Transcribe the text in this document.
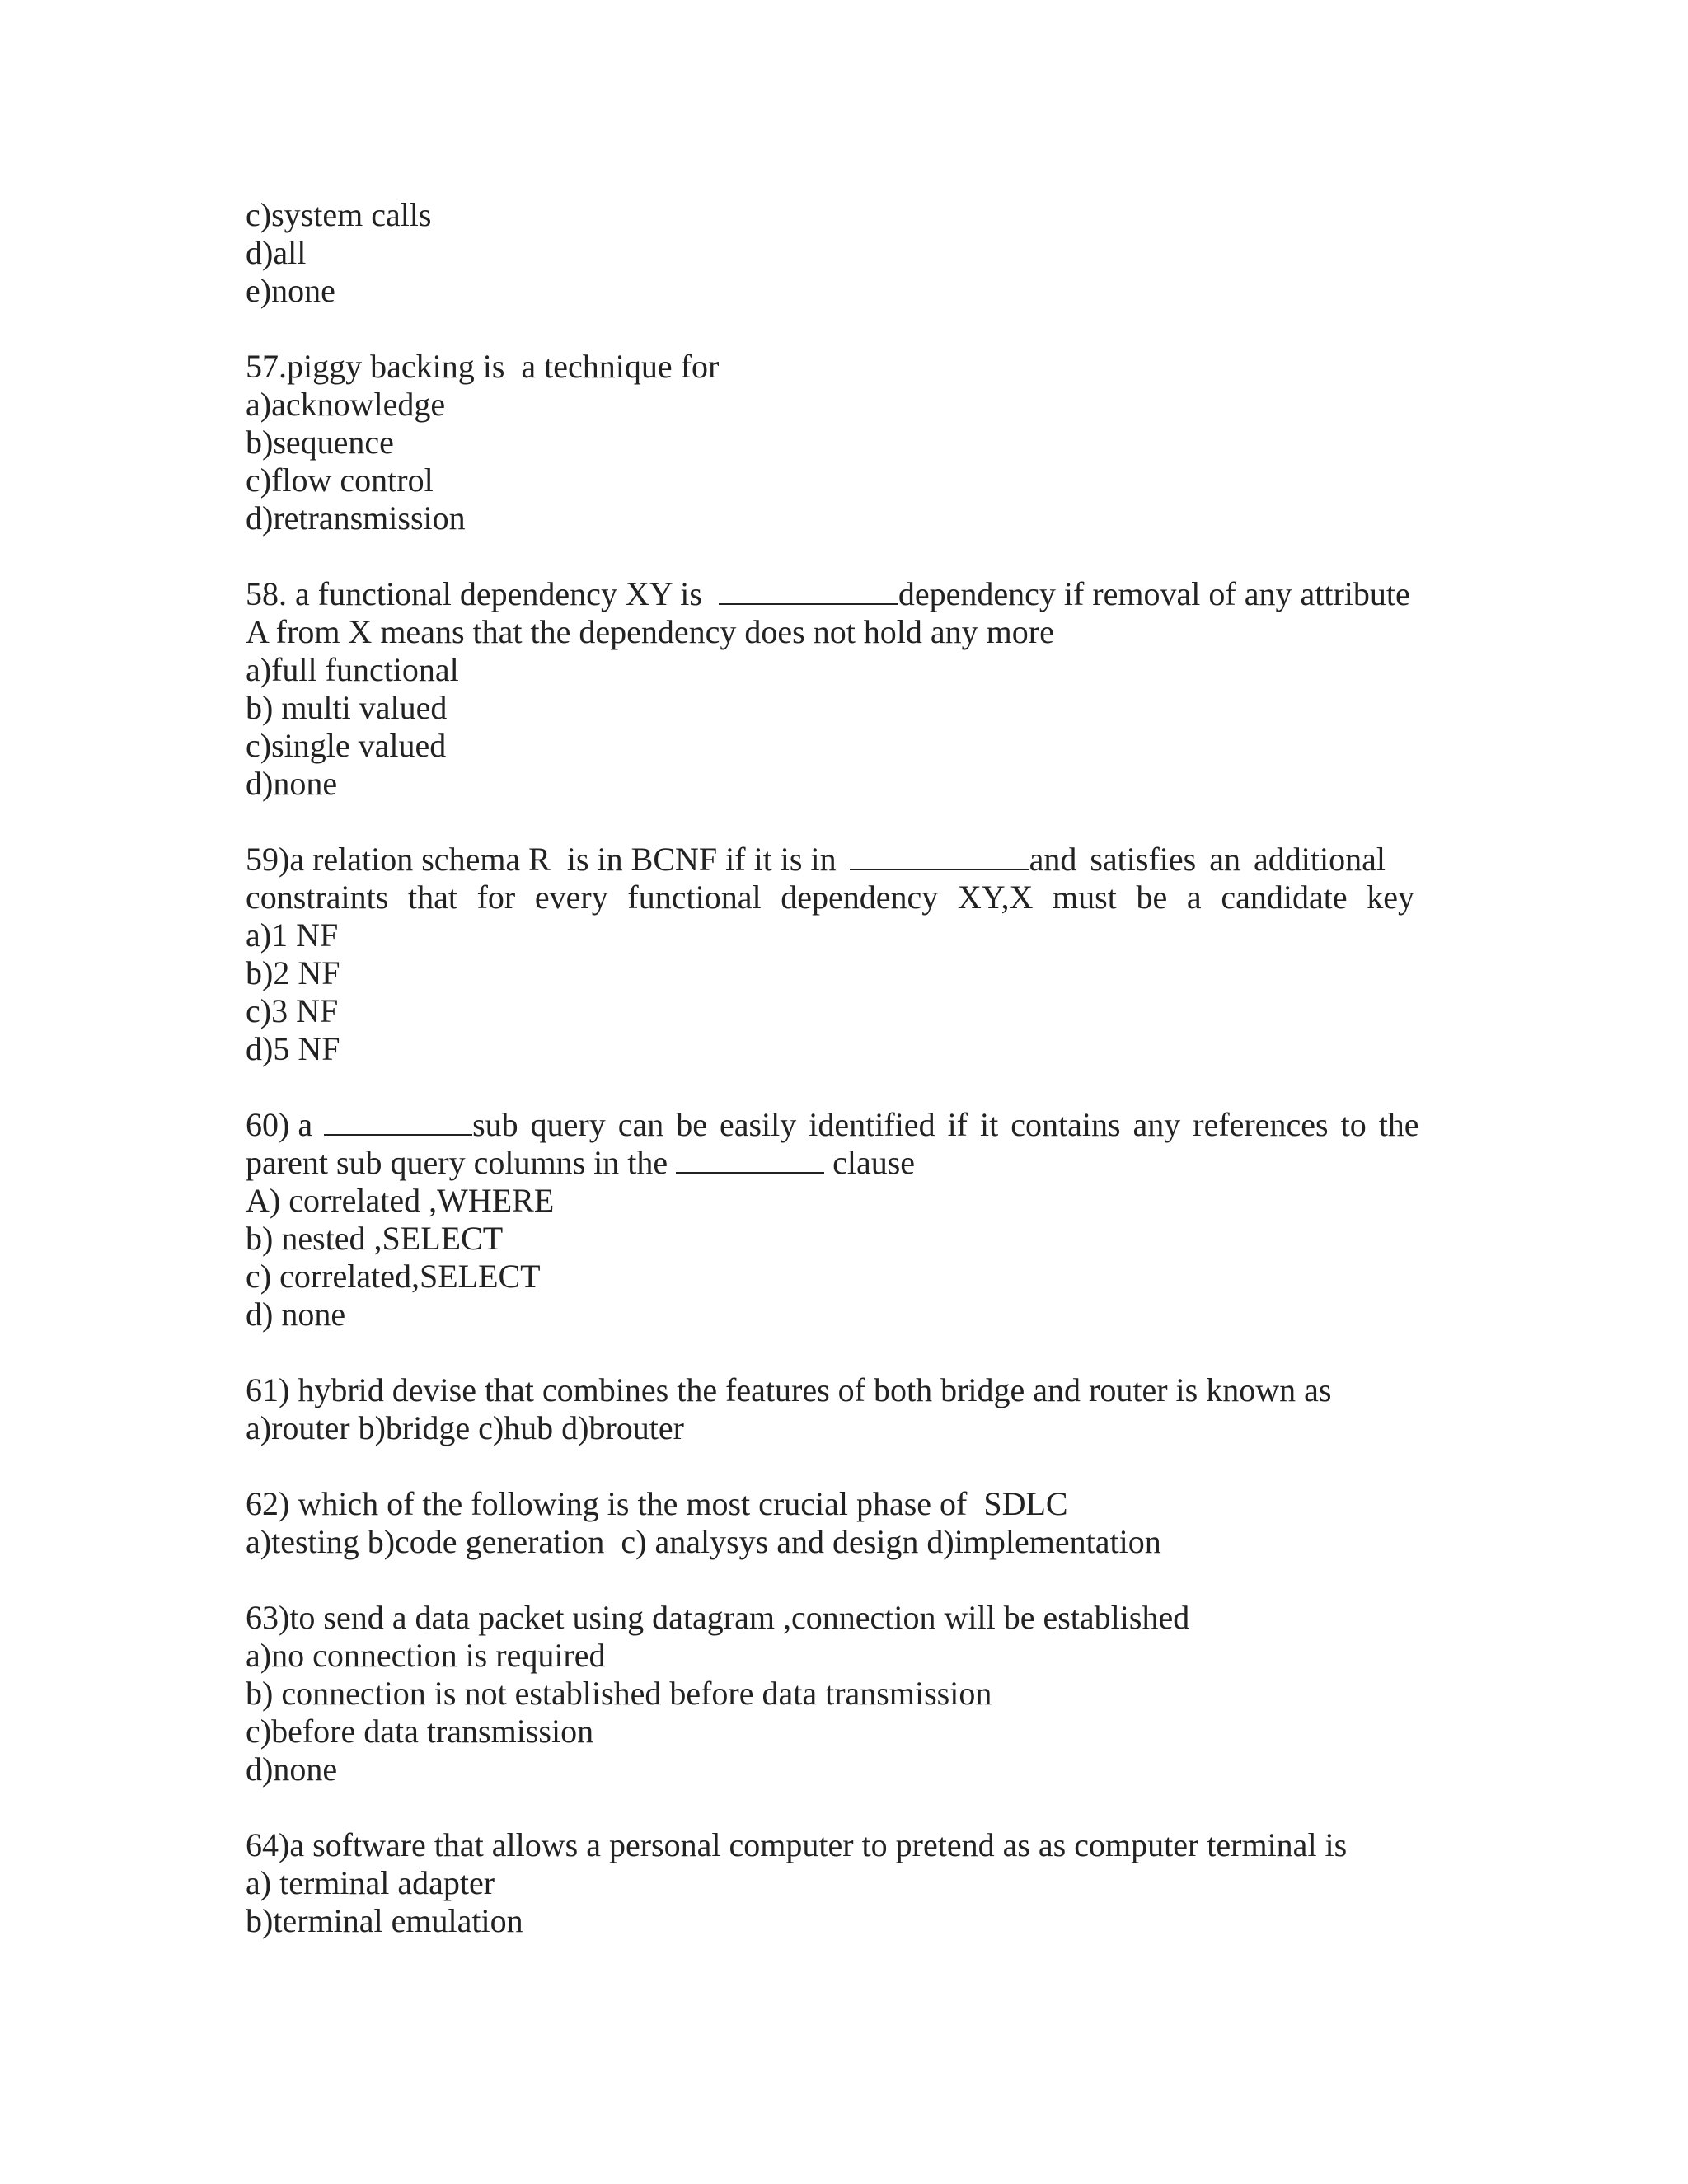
c)system calls
d)all
e)none
57.piggy backing is  a technique for
a)acknowledge
b)sequence
c)flow control
d)retransmission
58. a functional dependency XY is	dependency if removal of any attribute
A from X means that the dependency does not hold any more
a)full functional
b) multi valued
c)single valued
d)none
59)a relation schema R  is in BCNF if it is in	and satisfies an additional
constraints that for every functional dependency XY,X must be a candidate key
a)1 NF
b)2 NF
c)3 NF
d)5 NF
60) a	sub query can be easily identified if it contains any references to the
parent sub query columns in the	clause
A) correlated ,WHERE
b) nested ,SELECT
c) correlated,SELECT
d) none
61) hybrid devise that combines the features of both bridge and router is known as
a)router b)bridge c)hub d)brouter
62) which of the following is the most crucial phase of  SDLC
a)testing b)code generation  c) analysys and design d)implementation
63)to send a data packet using datagram ,connection will be established
a)no connection is required
b) connection is not established before data transmission
c)before data transmission
d)none
64)a software that allows a personal computer to pretend as as computer terminal is
a) terminal adapter
b)terminal emulation
